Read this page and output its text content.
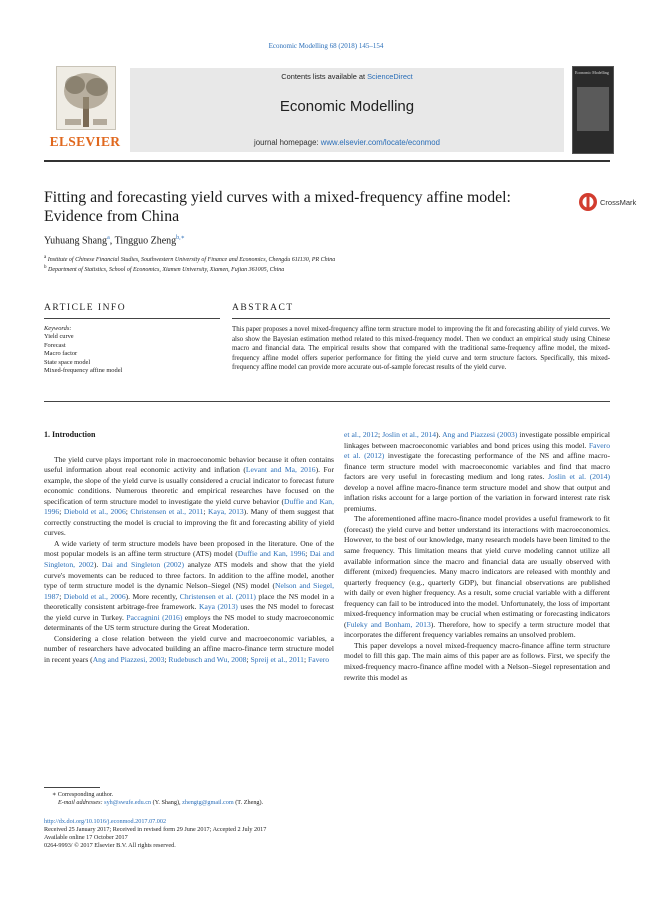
Economic Modelling 68 (2018) 145–154
ELSEVIER
Contents lists available at ScienceDirect
Economic Modelling
journal homepage: www.elsevier.com/locate/econmod
Economic Modelling
Fitting and forecasting yield curves with a mixed-frequency affine model:
Evidence from China
CrossMark
Yuhuang Shang$^a$, Tingguo Zheng$^{b,∗}$
$^a$ Institute of Chinese Financial Studies, Southwestern University of Finance and Economics, Chengdu 611130, PR China
$^b$ Department of Statistics, School of Economics, Xiamen University, Xiamen, Fujian 361005, China
ARTICLE INFO	ABSTRACT
Keywords:
Yield curve
Forecast
Macro factor
State space model
Mixed-frequency affine model
This paper proposes a novel mixed-frequency affine term structure model to improving the fit and forecasting ability of yield curves. We also show the Bayesian estimation method related to this mixed-frequency model. Then we conduct an empirical study using Chinese macro and financial data. The empirical results show that compared with the traditional same-frequency affine model, the mixed-frequency affine model offers superior performance for fitting the yield curve and term structure factors. Specifically, this mixed-frequency affine model can provide more accurate out-of-sample forecast results of the yield curve.
1. Introduction

The yield curve plays important role in macroeconomic behavior because it often contains useful information about real economic activity and inflation (Levant and Ma, 2016). For example, the slope of the yield curve is usually considered a crucial indicator to forecast future economic conditions. Numerous theoretic and empirical researches have focused on the specification of term structure model to investigate the yield curve behavior (Duffie and Kan, 1996; Diebold et al., 2006; Christensen et al., 2011; Kaya, 2013). Many of them suggest that correctly constructing the model is crucial to improving the fit and forecasting ability of yield curves.

A wide variety of term structure models have been proposed in the literature. One of the most popular models is an affine term structure (ATS) model (Duffie and Kan, 1996; Dai and Singleton, 2002). Dai and Singleton (2002) analyze ATS models and show that the yield curve's movements can be reduced to three factors. In addition to the affine model, another type of term structure model is the dynamic Nelson–Siegel (NS) model (Nelson and Siegel, 1987; Diebold et al., 2006). More recently, Christensen et al. (2011) place the NS model in a theoretically consistent arbitrage-free framework. Kaya (2013) uses the NS model to forecast the yield curve in Turkey. Paccagnini (2016) employs the NS model to study macroeconomic determinants of the US term structure during the Great Moderation.

Considering a close relation between the yield curve and macroeconomic variables, a number of researchers have advocated building an affine macro-finance term structure model in recent years (Ang and Piazzesi, 2003; Rudebusch and Wu, 2008; Spreij et al., 2011; Favero

et al., 2012; Joslin et al., 2014). Ang and Piazzesi (2003) investigate possible empirical linkages between macroeconomic variables and bond prices using this model. Favero et al. (2012) investigate the forecasting performance of the NS and affine macro-finance term structure model with macroeconomic variables and find that macro factors are very useful in forecasting medium and long rates. Joslin et al. (2014) develop a novel affine macro-finance term structure model and show that output and inflation risks account for a large portion of the variation in forward interest rate risk premiums.

The aforementioned affine macro-finance model provides a useful framework to fit (forecast) the yield curve and better understand its interactions with macroeconomics. However, to the best of our knowledge, many research models have been limited to the same frequency. This limitation means that yield curve modeling cannot utilize all available information since the macro and financial data are usually observed with different (mixed) frequencies. Many macro indicators are released with monthly and quarterly frequency (e.g., quarterly GDP), but financial observations are published with daily or even higher frequency. As a result, some crucial variable with a different frequency can fail to be introduced into the model. Unfortunately, the loss of important mixed-frequency information may be crucial when estimating or forecasting indicators (Fuleky and Bonham, 2013). Therefore, how to specify a term structure model that incorporates the different frequency variables remains an unsolved problem.

This paper develops a novel mixed-frequency macro-finance affine term structure model to fill this gap. The main aims of this paper are as follows. First, we specify the mixed-frequency macro-finance affine model with a Nelson–Siegel representation and rewrite this model as

∗ Corresponding author.
E-mail addresses: syh@swufe.edu.cn (Y. Shang), zhengtg@gmail.com (T. Zheng).
http://dx.doi.org/10.1016/j.econmod.2017.07.002
Received 25 January 2017; Received in revised form 29 June 2017; Accepted 2 July 2017
Available online 17 October 2017
0264-9993/ © 2017 Elsevier B.V. All rights reserved.
